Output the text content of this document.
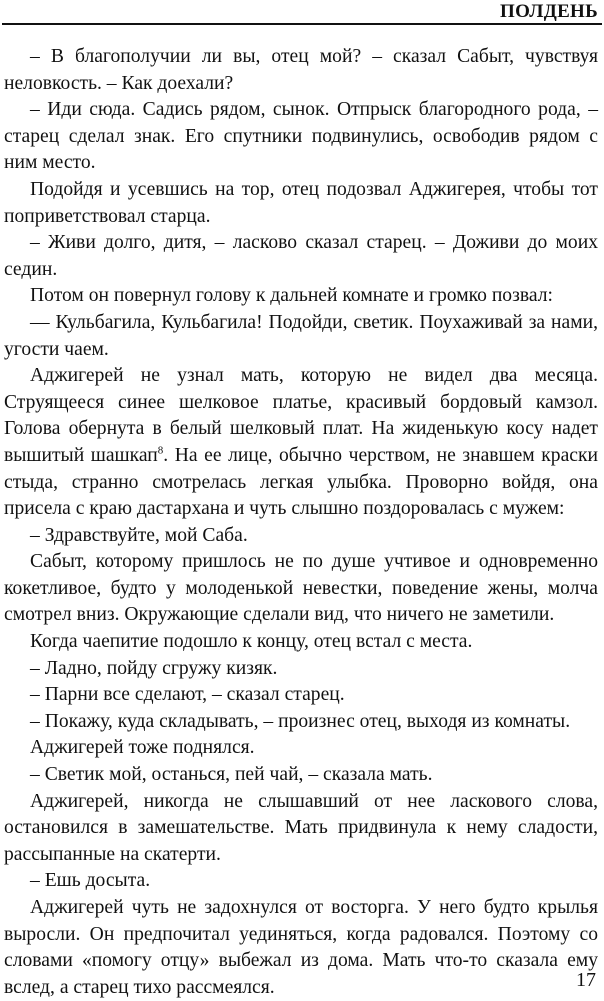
ПОЛДЕНЬ

– В благополучии ли вы, отец мой? – сказал Сабыт, чувствуя неловкость. – Как доехали?

– Иди сюда. Садись рядом, сынок. Отпрыск благородного рода, – старец сделал знак. Его спутники подвинулись, освободив рядом с ним место.

Подойдя и усевшись на тор, отец подозвал Аджигерея, чтобы тот поприветствовал старца.

– Живи долго, дитя, – ласково сказал старец. – Доживи до моих седин.

Потом он повернул голову к дальней комнате и громко позвал:

— Кульбагила, Кульбагила! Подойди, светик. Поухаживай за нами, угости чаем.

Аджигерей не узнал мать, которую не видел два месяца. Струящееся синее шелковое платье, красивый бордовый камзол. Голова обернута в белый шелковый плат. На жиденькую косу надет вышитый шашкап$^8$. На ее лице, обычно черством, не знавшем краски стыда, странно смотрелась легкая улыбка. Проворно войдя, она присела с краю дастархана и чуть слышно поздоровалась с мужем:

– Здравствуйте, мой Саба.

Сабыт, которому пришлось не по душе учтивое и одновременно кокетливое, будто у молоденькой невестки, поведение жены, молча смотрел вниз. Окружающие сделали вид, что ничего не заметили.

Когда чаепитие подошло к концу, отец встал с места.

– Ладно, пойду сгружу кизяк.

– Парни все сделают, – сказал старец.

– Покажу, куда складывать, – произнес отец, выходя из комнаты.

Аджигерей тоже поднялся.

– Светик мой, останься, пей чай, – сказала мать.

Аджигерей, никогда не слышавший от нее ласкового слова, остановился в замешательстве. Мать придвинула к нему сладости, рассыпанные на скатерти.

– Ешь досыта.

Аджигерей чуть не задохнулся от восторга. У него будто крылья выросли. Он предпочитал уединяться, когда радовался. Поэтому со словами «помогу отцу» выбежал из дома. Мать что-то сказала ему вслед, а старец тихо рассмеялся.	17
